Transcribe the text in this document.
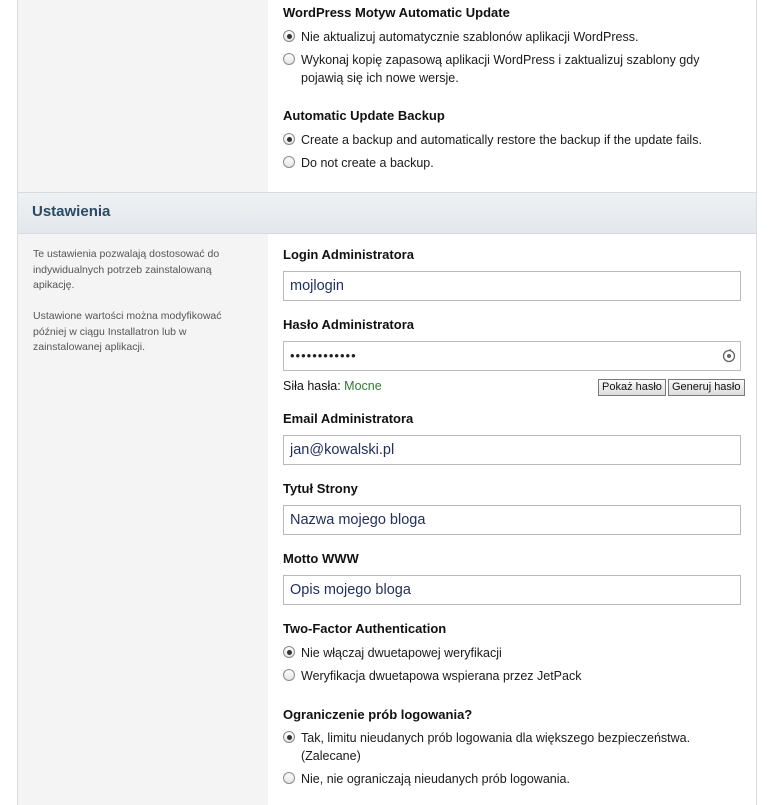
Te ustawienia pozwalają dostosować do indywidualnych potrzeb zainstalowaną apikację.
Ustawione wartości można modyfikować później w ciągu Installatron lub w zainstalowanej aplikacji.
WordPress Motyw Automatic Update
Nie aktualizuj automatycznie szablonów aplikacji WordPress.
Wykonaj kopię zapasową aplikacji WordPress i zaktualizuj szablony gdy pojawią się ich nowe wersje.
Automatic Update Backup
Create a backup and automatically restore the backup if the update fails.
Do not create a backup.
Ustawienia
Login Administratora
mojlogin
Hasło Administratora
••••••••••••
Siła hasła: Mocne	Pokaż hasło Generuj hasło
Email Administratora
jan@kowalski.pl
Tytuł Strony
Nazwa mojego bloga
Motto WWW
Opis mojego bloga
Two-Factor Authentication
Nie włączaj dwuetapowej weryfikacji
Weryfikacja dwuetapowa wspierana przez JetPack
Ograniczenie prób logowania?
Tak, limitu nieudanych prób logowania dla większego bezpieczeństwa. (Zalecane)
Nie, nie ograniczają nieudanych prób logowania.
